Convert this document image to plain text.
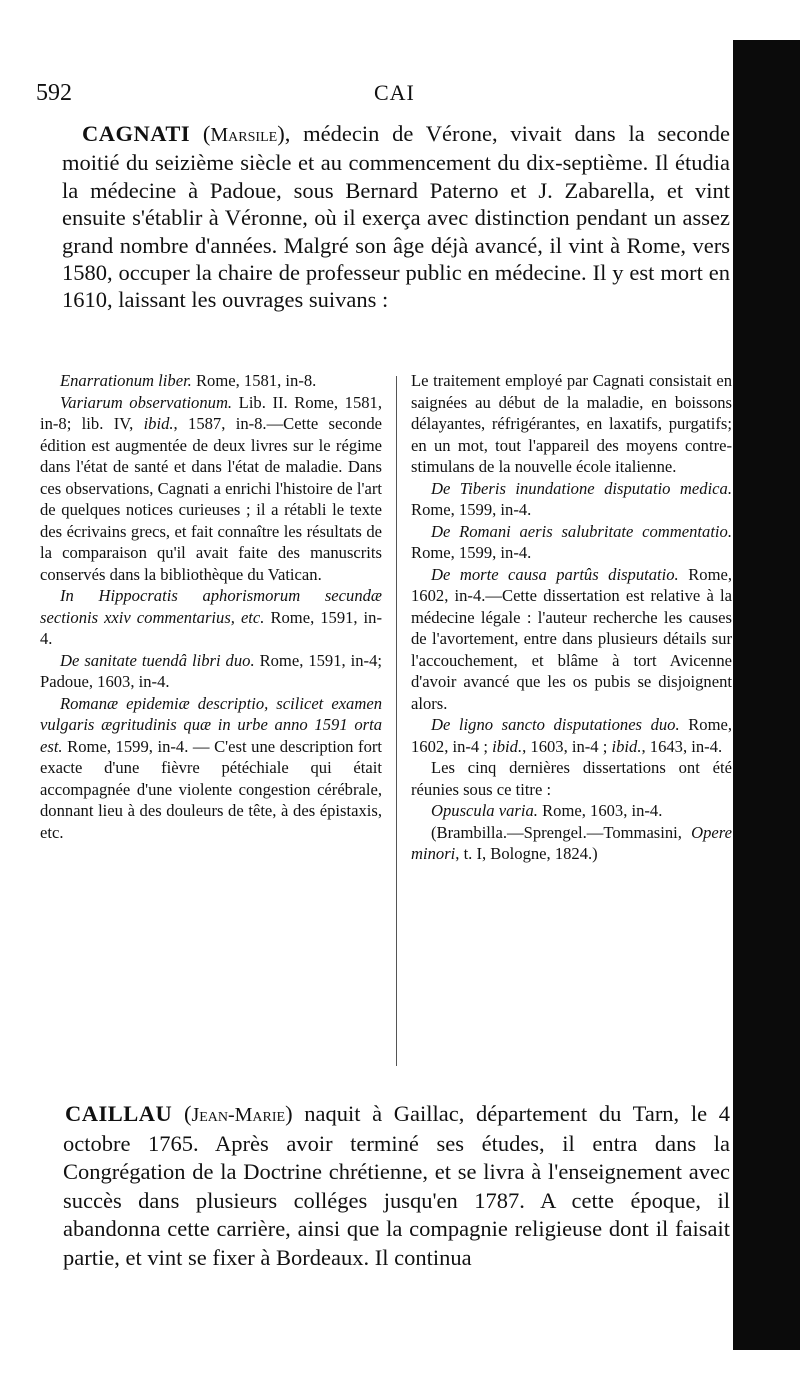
592	CAI

CAGNATI (Marsile), médecin de Vérone, vivait dans la seconde moitié du seizième siècle et au commencement du dix-septième. Il étudia la médecine à Padoue, sous Bernard Paterno et J. Zabarella, et vint ensuite s'établir à Véronne, où il exerça avec distinction pendant un assez grand nombre d'années. Malgré son âge déjà avancé, il vint à Rome, vers 1580, occuper la chaire de professeur public en médecine. Il y est mort en 1610, laissant les ouvrages suivans :

Enarrationum liber. Rome, 1581, in-8.

Variarum observationum. Lib. II. Rome, 1581, in-8; lib. IV, ibid., 1587, in-8.—Cette seconde édition est augmentée de deux livres sur le régime dans l'état de santé et dans l'état de maladie. Dans ces observations, Cagnati a enrichi l'histoire de l'art de quelques notices curieuses ; il a rétabli le texte des écrivains grecs, et fait connaître les résultats de la comparaison qu'il avait faite des manuscrits conservés dans la bibliothèque du Vatican.

In Hippocratis aphorismorum secundæ sectionis xxiv commentarius, etc. Rome, 1591, in-4.

De sanitate tuendâ libri duo. Rome, 1591, in-4; Padoue, 1603, in-4.

Romanæ epidemiæ descriptio, scilicet examen vulgaris ægritudinis quæ in urbe anno 1591 orta est. Rome, 1599, in-4. — C'est une description fort exacte d'une fièvre pétéchiale qui était accompagnée d'une violente congestion cérébrale, donnant lieu à des douleurs de tête, à des épistaxis, etc.

Le traitement employé par Cagnati consistait en saignées au début de la maladie, en boissons délayantes, réfrigérantes, en laxatifs, purgatifs; en un mot, tout l'appareil des moyens contre-stimulans de la nouvelle école italienne.

De Tiberis inundatione disputatio medica. Rome, 1599, in-4.

De Romani aeris salubritate commentatio. Rome, 1599, in-4.

De morte causa partûs disputatio. Rome, 1602, in-4.—Cette dissertation est relative à la médecine légale : l'auteur recherche les causes de l'avortement, entre dans plusieurs détails sur l'accouchement, et blâme à tort Avicenne d'avoir avancé que les os pubis se disjoignent alors.

De ligno sancto disputationes duo. Rome, 1602, in-4 ; ibid., 1603, in-4 ; ibid., 1643, in-4.

Les cinq dernières dissertations ont été réunies sous ce titre :

Opuscula varia. Rome, 1603, in-4.

(Brambilla.—Sprengel.—Tommasini, Opere minori, t. I, Bologne, 1824.)

CAILLAU (Jean-Marie) naquit à Gaillac, département du Tarn, le 4 octobre 1765. Après avoir terminé ses études, il entra dans la Congrégation de la Doctrine chrétienne, et se livra à l'enseignement avec succès dans plusieurs colléges jusqu'en 1787. A cette époque, il abandonna cette carrière, ainsi que la compagnie religieuse dont il faisait partie, et vint se fixer à Bordeaux. Il continua
